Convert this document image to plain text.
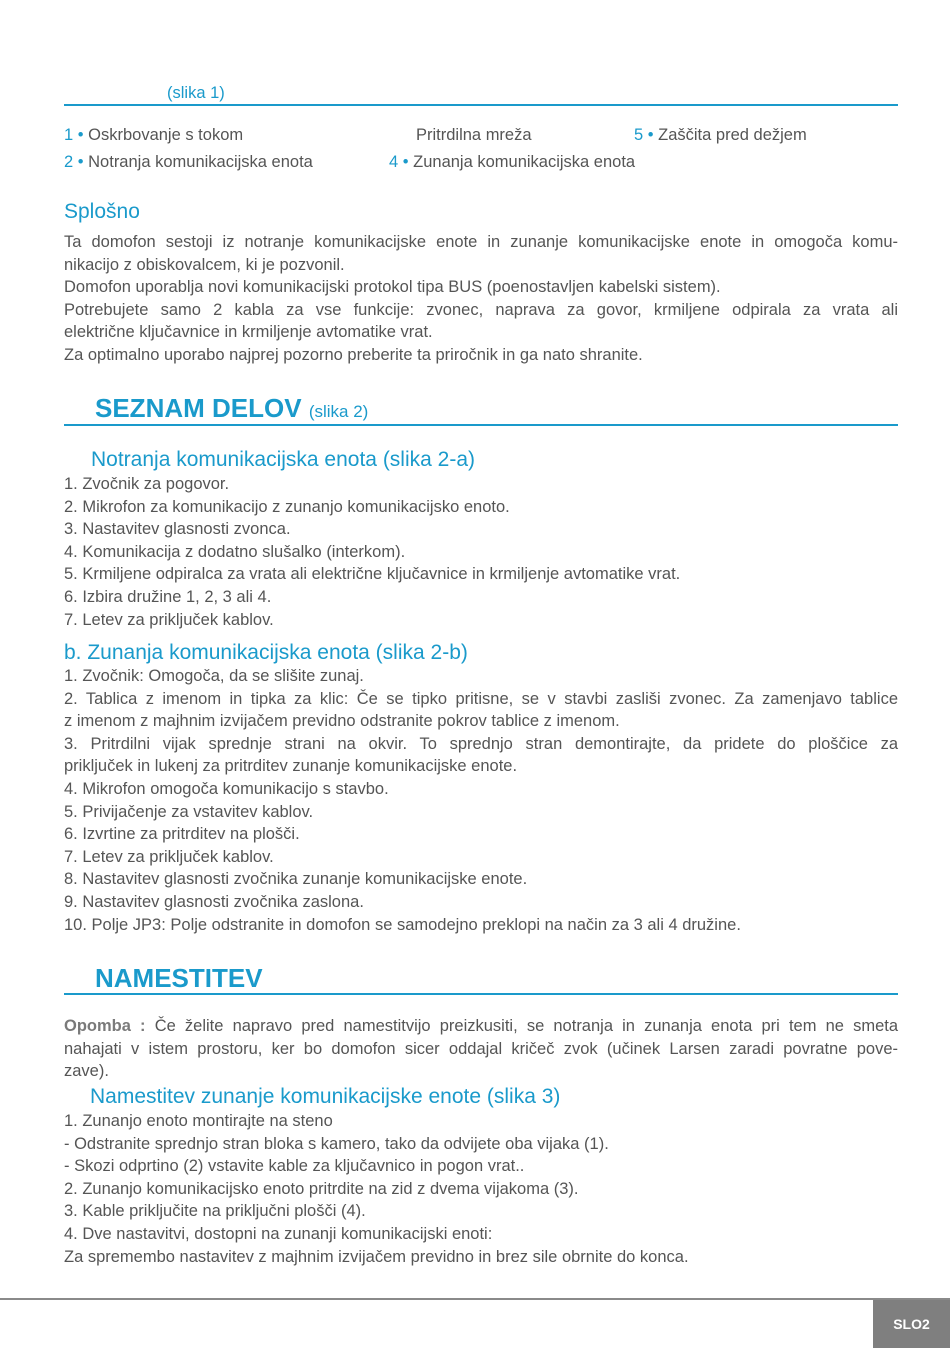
(slika 1)
1 • Oskrbovanje s tokom	Pritrdilna mreža	5 • Zaščita pred dežjem
2 • Notranja komunikacijska enota	4 • Zunanja komunikacijska enota
Splošno
Ta domofon sestoji iz notranje komunikacijske enote in zunanje komunikacijske enote in omogoča komu-
nikacijo z obiskovalcem, ki je pozvonil.
Domofon uporablja novi komunikacijski protokol tipa BUS (poenostavljen kabelski sistem).
Potrebujete samo 2 kabla za vse funkcije: zvonec, naprava za govor, krmiljene odpirala za vrata ali
električne ključavnice in krmiljenje avtomatike vrat.
Za optimalno uporabo najprej pozorno preberite ta priročnik in ga nato shranite.
SEZNAM DELOV (slika 2)
Notranja komunikacijska enota (slika 2-a)
1. Zvočnik za pogovor.
2. Mikrofon za komunikacijo z zunanjo komunikacijsko enoto.
3. Nastavitev glasnosti zvonca.
4. Komunikacija z dodatno slušalko (interkom).
5. Krmiljene odpiralca za vrata ali električne ključavnice in krmiljenje avtomatike vrat.
6. Izbira družine 1, 2, 3 ali 4.
7. Letev za priključek kablov.
b. Zunanja komunikacijska enota (slika 2-b)
1. Zvočnik: Omogoča, da se slišite zunaj.
2. Tablica z imenom in tipka za klic: Če se tipko pritisne, se v stavbi zasliši zvonec. Za zamenjavo tablice
z imenom z majhnim izvijačem previdno odstranite pokrov tablice z imenom.
3. Pritrdilni vijak sprednje strani na okvir. To sprednjo stran demontirajte, da pridete do ploščice za
priključek in lukenj za pritrditev zunanje komunikacijske enote.
4. Mikrofon omogoča komunikacijo s stavbo.
5. Privijačenje za vstavitev kablov.
6. Izvrtine za pritrditev na plošči.
7. Letev za priključek kablov.
8. Nastavitev glasnosti zvočnika zunanje komunikacijske enote.
9. Nastavitev glasnosti zvočnika zaslona.
10. Polje JP3: Polje odstranite in domofon se samodejno preklopi na način za 3 ali 4 družine.
NAMESTITEV
Opomba : Če želite napravo pred namestitvijo preizkusiti, se notranja in zunanja enota pri tem ne smeta
nahajati v istem prostoru, ker bo domofon sicer oddajal kričeč zvok (učinek Larsen zaradi povratne pove-
zave).
Namestitev zunanje komunikacijske enote (slika 3)
1. Zunanjo enoto montirajte na steno
- Odstranite sprednjo stran bloka s kamero, tako da odvijete oba vijaka (1).
- Skozi odprtino (2) vstavite kable za ključavnico in pogon vrat..
2. Zunanjo komunikacijsko enoto pritrdite na zid z dvema vijakoma (3).
3. Kable priključite na priključni plošči (4).
4. Dve nastavitvi, dostopni na zunanji komunikacijski enoti:
Za spremembo nastavitev z majhnim izvijačem previdno in brez sile obrnite do konca.
SLO2
